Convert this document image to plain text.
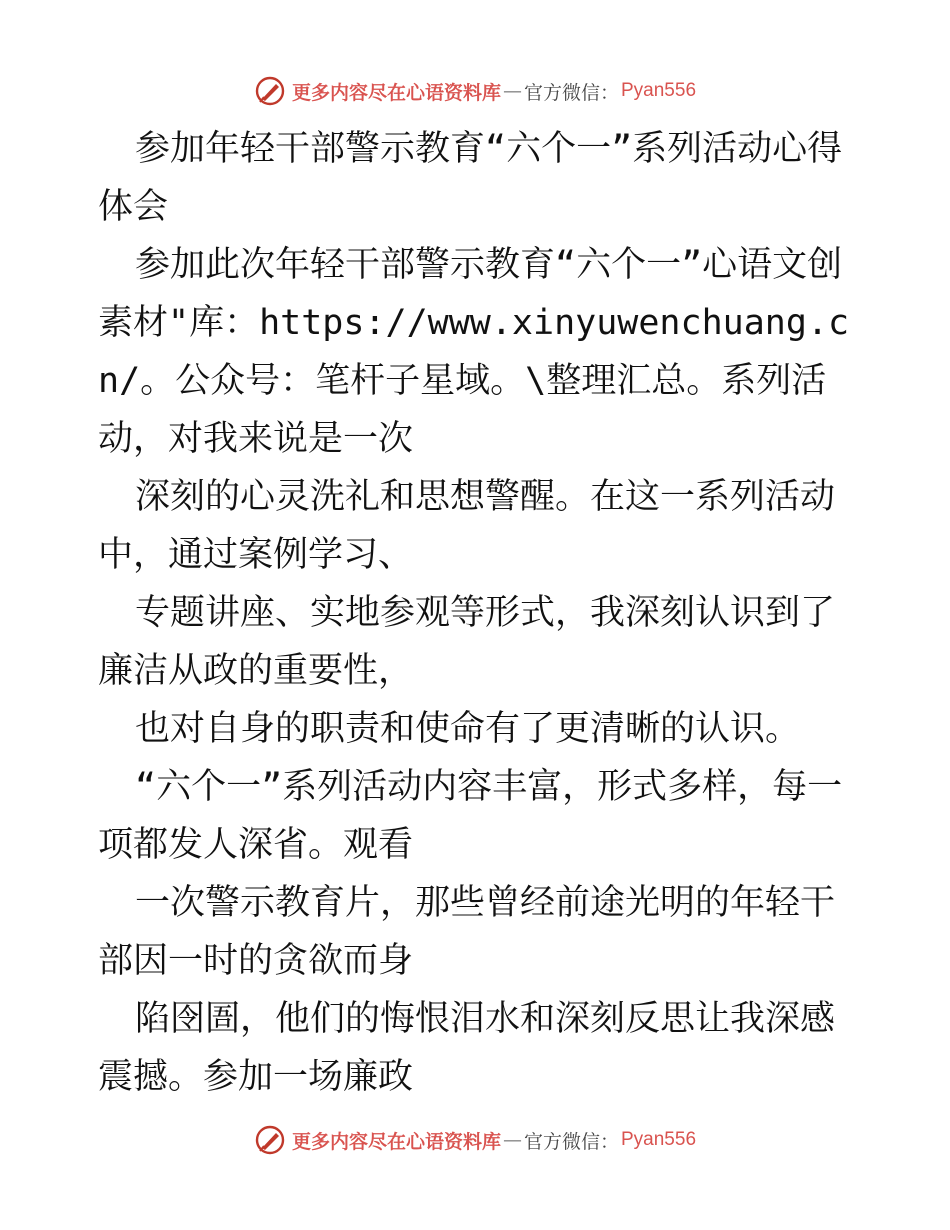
更多内容尽在心语资料库 — 官方微信： Pyan556

参加年轻干部警示教育“六个一”系列活动心得体会

参加此次年轻干部警示教育“六个一”心语文创素材"库：https://www.xinyuwenchuang.cn/。公众号：笔杆子星域。\整理汇总。系列活动，对我来说是一次

深刻的心灵洗礼和思想警醒。在这一系列活动中，通过案例学习、

专题讲座、实地参观等形式，我深刻认识到了廉洁从政的重要性，

也对自身的职责和使命有了更清晰的认识。

“六个一”系列活动内容丰富，形式多样，每一项都发人深省。观看

一次警示教育片，那些曾经前途光明的年轻干部因一时的贪欲而身

陷囹圄，他们的悔恨泪水和深刻反思让我深感震撼。参加一场廉政

更多内容尽在心语资料库 — 官方微信： Pyan556
